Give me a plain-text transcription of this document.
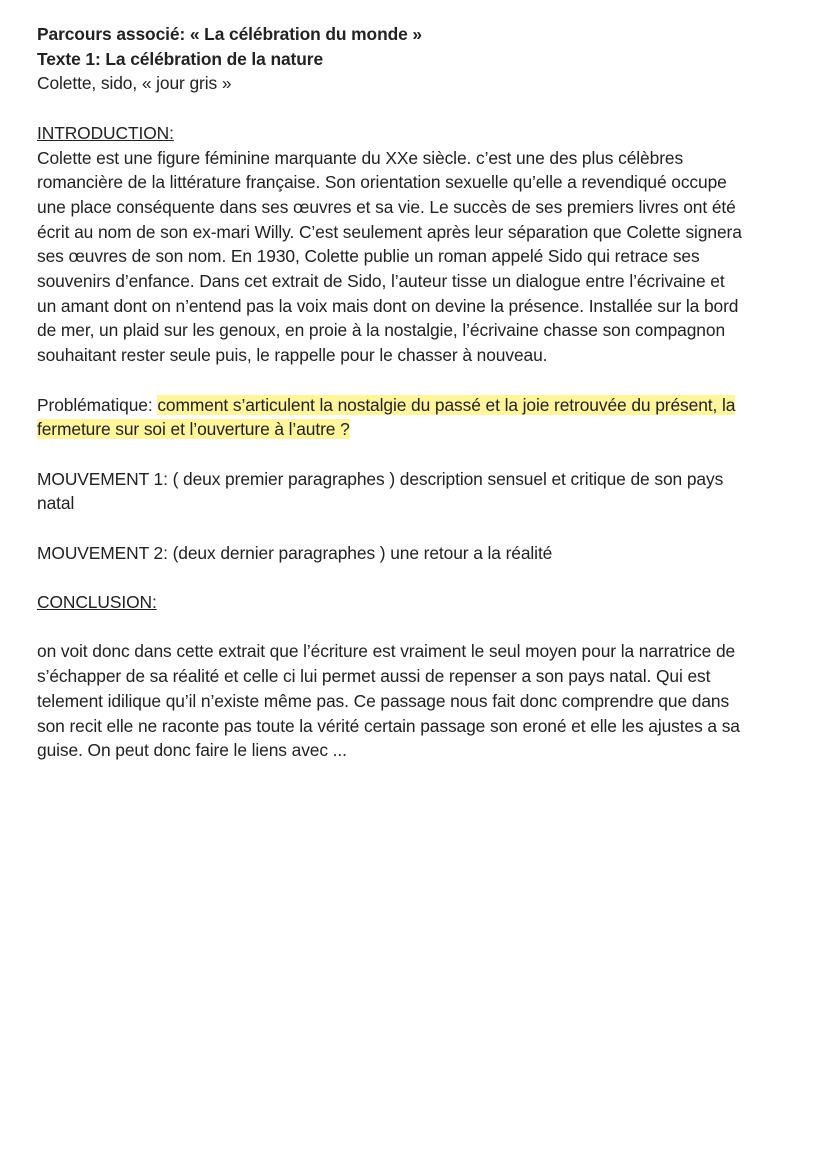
Parcours associé: « La célébration du monde »
Texte 1: La célébration de la nature
Colette, sido, « jour gris »
INTRODUCTION:
Colette est une figure féminine marquante du XXe siècle. c’est une des plus célèbres
romancière de la littérature française. Son orientation sexuelle qu’elle a revendiqué occupe
une place conséquente dans ses œuvres et sa vie. Le succès de ses premiers livres ont été
écrit au nom de son ex-mari Willy. C’est seulement après leur séparation que Colette signera
ses œuvres de son nom. En 1930, Colette publie un roman appelé Sido qui retrace ses
souvenirs d’enfance. Dans cet extrait de Sido, l’auteur tisse un dialogue entre l’écrivaine et
un amant dont on n’entend pas la voix mais dont on devine la présence. Installée sur la bord
de mer, un plaid sur les genoux, en proie à la nostalgie, l’écrivaine chasse son compagnon
souhaitant rester seule puis, le rappelle pour le chasser à nouveau.
Problématique: comment s’articulent la nostalgie du passé et la joie retrouvée du présent, la
fermeture sur soi et l’ouverture à l’autre ?
MOUVEMENT 1: ( deux premier paragraphes ) description sensuel et critique de son pays
natal
MOUVEMENT 2: (deux dernier paragraphes ) une retour a la réalité
CONCLUSION:
on voit donc dans cette extrait que l’écriture est vraiment le seul moyen pour la narratrice de
s’échapper de sa réalité et celle ci lui permet aussi de repenser a son pays natal. Qui est
telement idilique qu’il n’existe même pas. Ce passage nous fait donc comprendre que dans
son recit elle ne raconte pas toute la vérité certain passage son eroné et elle les ajustes a sa
guise. On peut donc faire le liens avec ...
